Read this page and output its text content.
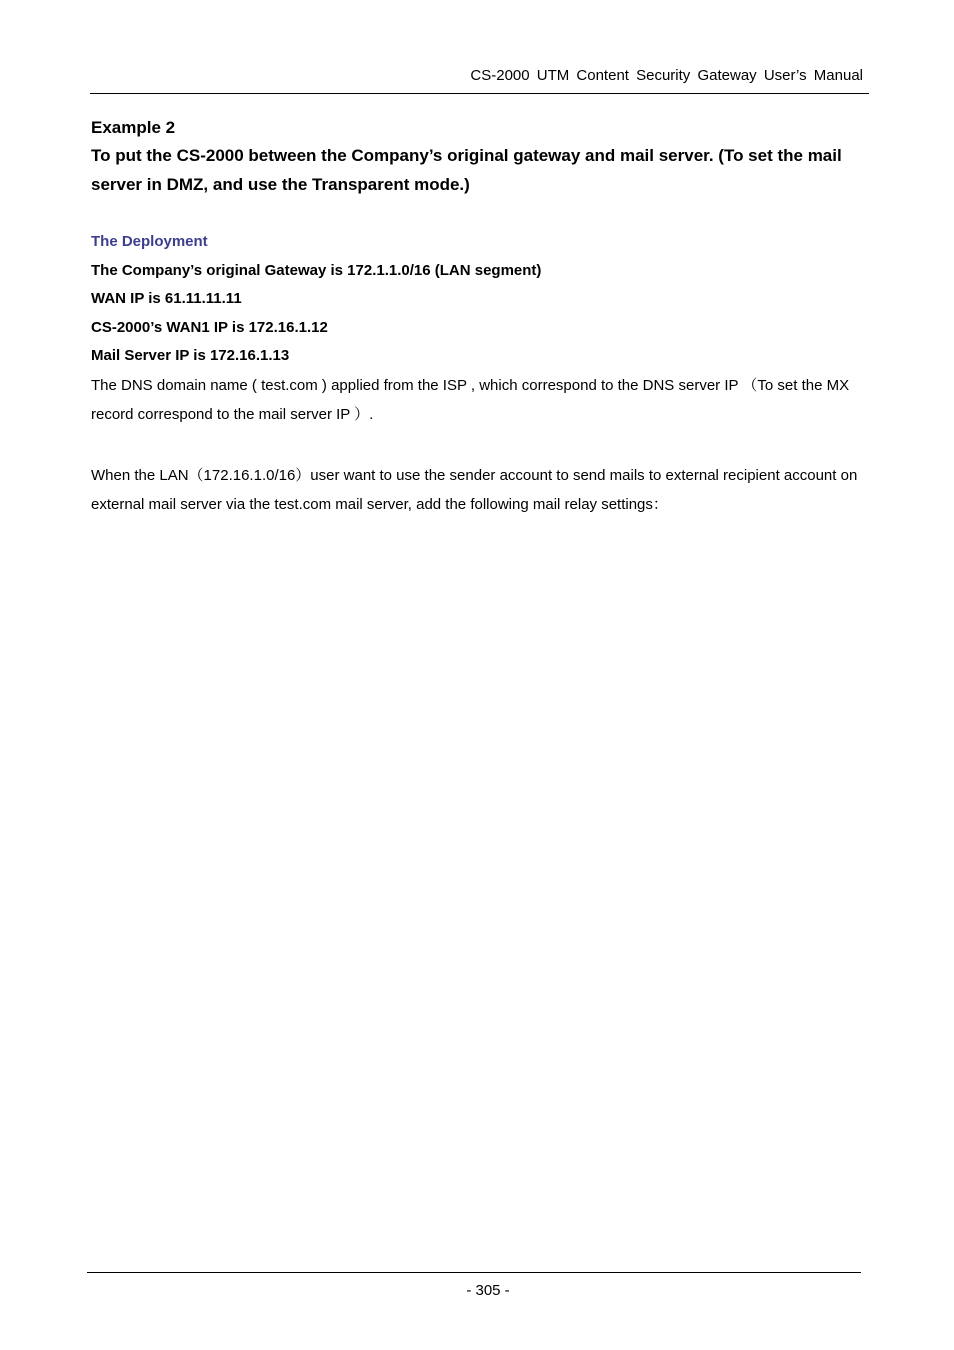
CS-2000 UTM Content Security Gateway User’s Manual

Example 2

To put the CS-2000 between the Company’s original gateway and mail server. (To set the mail server in DMZ, and use the Transparent mode.)

The Deployment

The Company’s original Gateway is 172.1.1.0/16 (LAN segment)

WAN IP is 61.11.11.11

CS-2000’s WAN1 IP is 172.16.1.12

Mail Server IP is 172.16.1.13

The DNS domain name ( test.com ) applied from the ISP , which correspond to the DNS server IP （To set the MX record correspond to the mail server IP ）.

When the LAN（172.16.1.0/16）user want to use the sender account to send mails to external recipient account on external mail server via the test.com mail server, add the following mail relay settings：

- 305 -
